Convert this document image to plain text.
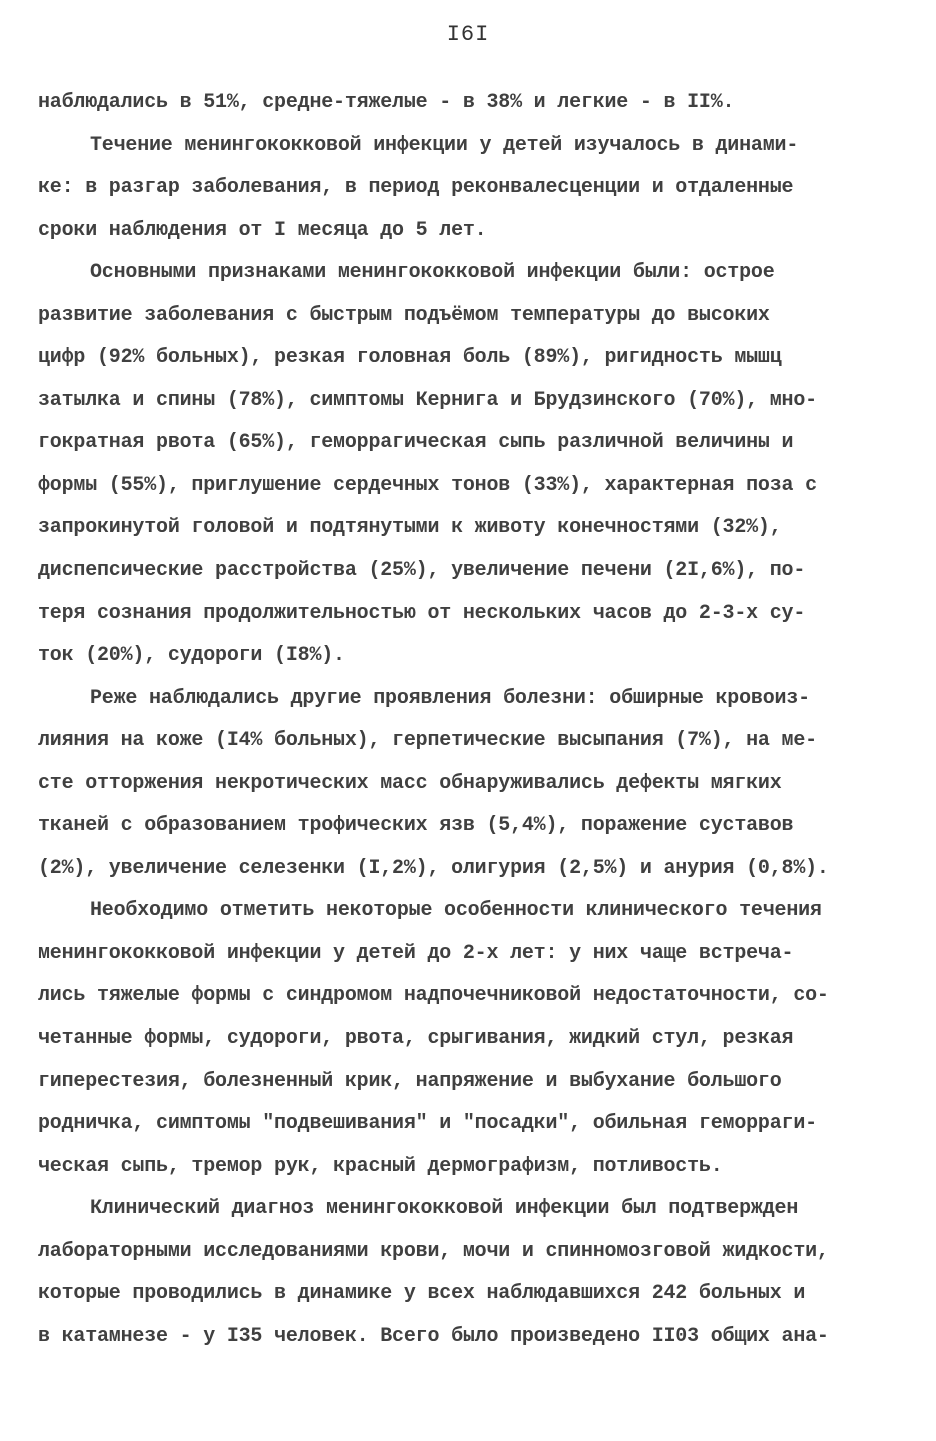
I6I
наблюдались в 51%, средне-тяжелые - в 38% и легкие - в II%.
Течение менингококковой инфекции у детей изучалось в динами-
ке: в разгар заболевания, в период реконвалесценции и отдаленные
сроки наблюдения от I месяца до 5 лет.
Основными признаками менингококковой инфекции были: острое
развитие заболевания с быстрым подъёмом температуры до высоких
цифр (92% больных), резкая головная боль (89%), ригидность мышц
затылка и спины (78%), симптомы Кернига и Брудзинского (70%), мно-
гократная рвота (65%), геморрагическая сыпь различной величины и
формы (55%), приглушение сердечных тонов (33%), характерная поза с
запрокинутой головой и подтянутыми к животу конечностями (32%),
диспепсические расстройства (25%), увеличение печени (2I,6%), по-
теря сознания продолжительностью от нескольких часов до 2-3-х су-
ток (20%), судороги (I8%).
Реже наблюдались другие проявления болезни: обширные кровоиз-
лияния на коже (I4% больных), герпетические высыпания (7%), на ме-
сте отторжения некротических масс обнаруживались дефекты мягких
тканей с образованием трофических язв (5,4%), поражение суставов
(2%), увеличение селезенки (I,2%), олигурия (2,5%) и анурия (0,8%).
Необходимо отметить некоторые особенности клинического течения
менингококковой инфекции у детей до 2-х лет: у них чаще встреча-
лись тяжелые формы с синдромом надпочечниковой недостаточности, со-
четанные формы, судороги, рвота, срыгивания, жидкий стул, резкая
гиперестезия, болезненный крик, напряжение и выбухание большого
родничка, симптомы "подвешивания" и "посадки", обильная геморраги-
ческая сыпь, тремор рук, красный дермографизм, потливость.
Клинический диагноз менингококковой инфекции был подтвержден
лабораторными исследованиями крови, мочи и спинномозговой жидкости,
которые проводились в динамике у всех наблюдавшихся 242 больных и
в катамнезе - у I35 человек. Всего было произведено II03 общих ана-
